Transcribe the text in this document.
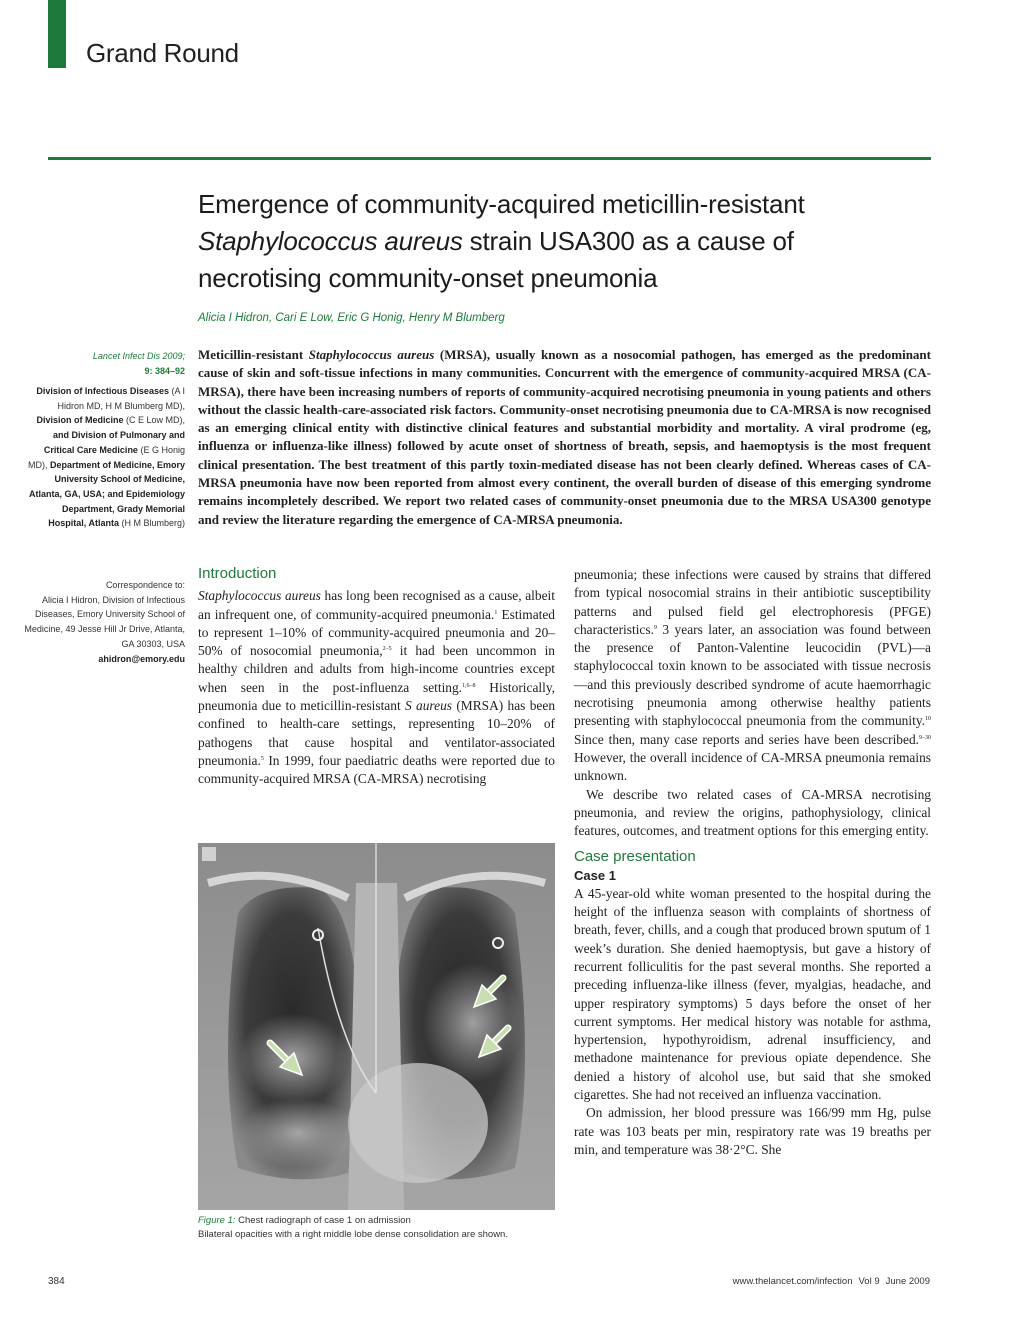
Grand Round
Emergence of community-acquired meticillin-resistant
Staphylococcus aureus strain USA300 as a cause of
necrotising community-onset pneumonia
Alicia I Hidron, Cari E Low, Eric G Honig, Henry M Blumberg
Lancet Infect Dis 2009;
9: 384–92
Division of Infectious Diseases (A I Hidron MD, H M Blumberg MD), Division of Medicine (C E Low MD), and Division of Pulmonary and Critical Care Medicine (E G Honig MD), Department of Medicine, Emory University School of Medicine, Atlanta, GA, USA; and Epidemiology Department, Grady Memorial Hospital, Atlanta (H M Blumberg)
Correspondence to:
Alicia I Hidron, Division of Infectious Diseases, Emory University School of Medicine, 49 Jesse Hill Jr Drive, Atlanta, GA 30303, USA
ahidron@emory.edu

Meticillin-resistant Staphylococcus aureus (MRSA), usually known as a nosocomial pathogen, has emerged as the predominant cause of skin and soft-tissue infections in many communities. Concurrent with the emergence of community-acquired MRSA (CA-MRSA), there have been increasing numbers of reports of community-acquired necrotising pneumonia in young patients and others without the classic health-care-associated risk factors. Community-onset necrotising pneumonia due to CA-MRSA is now recognised as an emerging clinical entity with distinctive clinical features and substantial morbidity and mortality. A viral prodrome (eg, influenza or influenza-like illness) followed by acute onset of shortness of breath, sepsis, and haemoptysis is the most frequent clinical presentation. The best treatment of this partly toxin-mediated disease has not been clearly defined. Whereas cases of CA-MRSA pneumonia have now been reported from almost every continent, the overall burden of disease of this emerging syndrome remains incompletely described. We report two related cases of community-onset pneumonia due to the MRSA USA300 genotype and review the literature regarding the emergence of CA-MRSA pneumonia.

Introduction

Staphylococcus aureus has long been recognised as a cause, albeit an infrequent one, of community-acquired pneumonia.$^1$ Estimated to represent 1–10% of community-acquired pneumonia and 20–50% of nosocomial pneumonia,$^{2-5}$ it had been uncommon in healthy children and adults from high-income countries except when seen in the post-influenza setting.$^{1,6-8}$ Historically, pneumonia due to meticillin-resistant S aureus (MRSA) has been confined to health-care settings, representing 10–20% of pathogens that cause hospital and ventilator-associated pneumonia.$^5$ In 1999, four paediatric deaths were reported due to community-acquired MRSA (CA-MRSA) necrotising

Figure 1: Chest radiograph of case 1 on admission
Bilateral opacities with a right middle lobe dense consolidation are shown.

pneumonia; these infections were caused by strains that differed from typical nosocomial strains in their antibiotic susceptibility patterns and pulsed field gel electrophoresis (PFGE) characteristics.$^9$ 3 years later, an association was found between the presence of Panton-Valentine leucocidin (PVL)—a staphylococcal toxin known to be associated with tissue necrosis—and this previously described syndrome of acute haemorrhagic necrotising pneumonia among otherwise healthy patients presenting with staphylococcal pneumonia from the community.$^{10}$ Since then, many case reports and series have been described.$^{9-30}$ However, the overall incidence of CA-MRSA pneumonia remains unknown.

We describe two related cases of CA-MRSA necrotising pneumonia, and review the origins, pathophysiology, clinical features, outcomes, and treatment options for this emerging entity.

Case presentation
Case 1

A 45-year-old white woman presented to the hospital during the height of the influenza season with complaints of shortness of breath, fever, chills, and a cough that produced brown sputum of 1 week’s duration. She denied haemoptysis, but gave a history of recurrent folliculitis for the past several months. She reported a preceding influenza-like illness (fever, myalgias, headache, and upper respiratory symptoms) 5 days before the onset of her current symptoms. Her medical history was notable for asthma, hypertension, hypothyroidism, adrenal insufficiency, and methadone maintenance for previous opiate dependence. She denied a history of alcohol use, but said that she smoked cigarettes. She had not received an influenza vaccination.

On admission, her blood pressure was 166/99 mm Hg, pulse rate was 103 beats per min, respiratory rate was 19 breaths per min, and temperature was 38·2°C. She

384	www.thelancet.com/infection Vol 9 June 2009
